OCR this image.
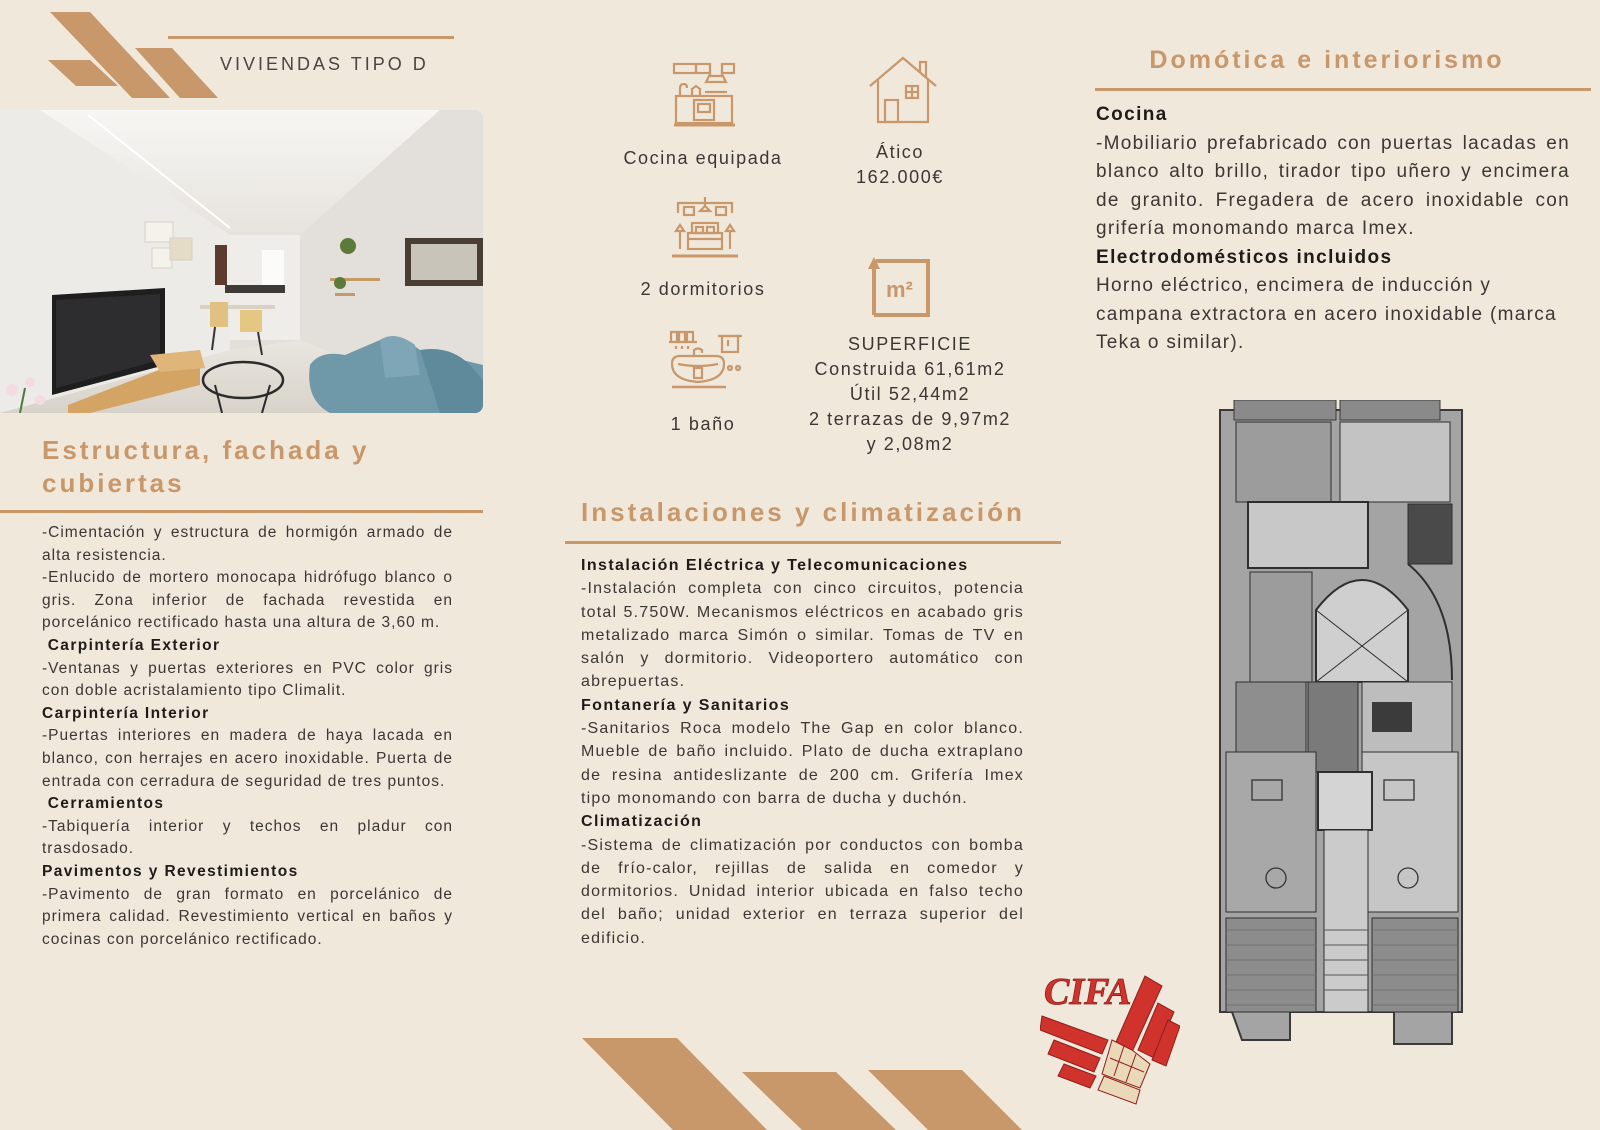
VIVIENDAS TIPO D
Estructura, fachada y
cubiertas
-Cimentación y estructura de hormigón armado de alta resistencia.
-Enlucido de mortero monocapa hidrófugo blanco o gris. Zona inferior de fachada revestida en porcelánico rectificado hasta una altura de 3,60 m.
Carpintería Exterior
-Ventanas y puertas exteriores en PVC color gris con doble acristalamiento tipo Climalit.
Carpintería Interior
-Puertas interiores en madera de haya lacada en blanco, con herrajes en acero inoxidable. Puerta de entrada con cerradura de seguridad de tres puntos.
Cerramientos
-Tabiquería interior y techos en pladur con trasdosado.
Pavimentos y Revestimientos
-Pavimento de gran formato en porcelánico de primera calidad. Revestimiento vertical en baños y cocinas con porcelánico rectificado.
Cocina equipada	Ático
162.000€
2 dormitorios	m²
1 baño
SUPERFICIE
Construida 61,61m2
Útil 52,44m2
2 terrazas de 9,97m2
y 2,08m2
Instalaciones y climatización
Instalación Eléctrica y Telecomunicaciones
-Instalación completa con cinco circuitos, potencia total 5.750W. Mecanismos eléctricos en acabado gris metalizado marca Simón o similar. Tomas de TV en salón y dormitorio. Videoportero automático con abrepuertas.
Fontanería y Sanitarios
-Sanitarios Roca modelo The Gap en color blanco. Mueble de baño incluido. Plato de ducha extraplano de resina antideslizante de 200 cm. Grifería Imex tipo monomando con barra de ducha y duchón.
Climatización
-Sistema de climatización por conductos con bomba de frío-calor, rejillas de salida en comedor y dormitorios. Unidad interior ubicada en falso techo del baño; unidad exterior en terraza superior del edificio.
Domótica e interiorismo
Cocina
-Mobiliario prefabricado con puertas lacadas en blanco alto brillo, tirador tipo uñero y encimera de granito. Fregadera de acero inoxidable con grifería monomando marca Imex.
Electrodomésticos incluidos
Horno eléctrico, encimera de inducción y campana extractora en acero inoxidable (marca Teka o similar).
CIFA
